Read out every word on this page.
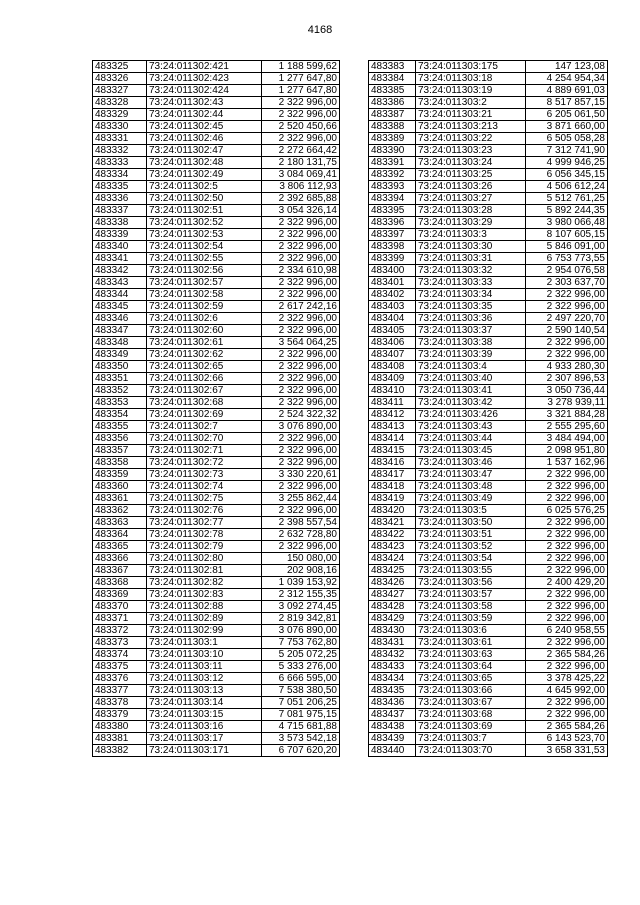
4168
483325	73:24:011302:421	1 188 599,62
483326	73:24:011302:423	1 277 647,80
483327	73:24:011302:424	1 277 647,80
483328	73:24:011302:43	2 322 996,00
483329	73:24:011302:44	2 322 996,00
483330	73:24:011302:45	2 520 450,66
483331	73:24:011302:46	2 322 996,00
483332	73:24:011302:47	2 272 664,42
483333	73:24:011302:48	2 180 131,75
483334	73:24:011302:49	3 084 069,41
483335	73:24:011302:5	3 806 112,93
483336	73:24:011302:50	2 392 685,88
483337	73:24:011302:51	3 054 326,14
483338	73:24:011302:52	2 322 996,00
483339	73:24:011302:53	2 322 996,00
483340	73:24:011302:54	2 322 996,00
483341	73:24:011302:55	2 322 996,00
483342	73:24:011302:56	2 334 610,98
483343	73:24:011302:57	2 322 996,00
483344	73:24:011302:58	2 322 996,00
483345	73:24:011302:59	2 617 242,16
483346	73:24:011302:6	2 322 996,00
483347	73:24:011302:60	2 322 996,00
483348	73:24:011302:61	3 564 064,25
483349	73:24:011302:62	2 322 996,00
483350	73:24:011302:65	2 322 996,00
483351	73:24:011302:66	2 322 996,00
483352	73:24:011302:67	2 322 996,00
483353	73:24:011302:68	2 322 996,00
483354	73:24:011302:69	2 524 322,32
483355	73:24:011302:7	3 076 890,00
483356	73:24:011302:70	2 322 996,00
483357	73:24:011302:71	2 322 996,00
483358	73:24:011302:72	2 322 996,00
483359	73:24:011302:73	3 330 220,61
483360	73:24:011302:74	2 322 996,00
483361	73:24:011302:75	3 255 862,44
483362	73:24:011302:76	2 322 996,00
483363	73:24:011302:77	2 398 557,54
483364	73:24:011302:78	2 632 728,80
483365	73:24:011302:79	2 322 996,00
483366	73:24:011302:80	150 080,00
483367	73:24:011302:81	202 908,16
483368	73:24:011302:82	1 039 153,92
483369	73:24:011302:83	2 312 155,35
483370	73:24:011302:88	3 092 274,45
483371	73:24:011302:89	2 819 342,81
483372	73:24:011302:99	3 076 890,00
483373	73:24:011303:1	7 753 762,80
483374	73:24:011303:10	5 205 072,25
483375	73:24:011303:11	5 333 276,00
483376	73:24:011303:12	6 666 595,00
483377	73:24:011303:13	7 538 380,50
483378	73:24:011303:14	7 051 206,25
483379	73:24:011303:15	7 081 975,15
483380	73:24:011303:16	4 715 681,88
483381	73:24:011303:17	3 573 542,18
483382	73:24:011303:171	6 707 620,20
483383	73:24:011303:175	147 123,08
483384	73:24:011303:18	4 254 954,34
483385	73:24:011303:19	4 889 691,03
483386	73:24:011303:2	8 517 857,15
483387	73:24:011303:21	6 205 061,50
483388	73:24:011303:213	3 871 660,00
483389	73:24:011303:22	6 505 058,28
483390	73:24:011303:23	7 312 741,90
483391	73:24:011303:24	4 999 946,25
483392	73:24:011303:25	6 056 345,15
483393	73:24:011303:26	4 506 612,24
483394	73:24:011303:27	5 512 761,25
483395	73:24:011303:28	5 892 244,35
483396	73:24:011303:29	3 980 066,48
483397	73:24:011303:3	8 107 605,15
483398	73:24:011303:30	5 846 091,00
483399	73:24:011303:31	6 753 773,55
483400	73:24:011303:32	2 954 076,58
483401	73:24:011303:33	2 303 637,70
483402	73:24:011303:34	2 322 996,00
483403	73:24:011303:35	2 322 996,00
483404	73:24:011303:36	2 497 220,70
483405	73:24:011303:37	2 590 140,54
483406	73:24:011303:38	2 322 996,00
483407	73:24:011303:39	2 322 996,00
483408	73:24:011303:4	4 933 280,30
483409	73:24:011303:40	2 307 896,53
483410	73:24:011303:41	3 050 736,44
483411	73:24:011303:42	3 278 939,11
483412	73:24:011303:426	3 321 884,28
483413	73:24:011303:43	2 555 295,60
483414	73:24:011303:44	3 484 494,00
483415	73:24:011303:45	2 098 951,80
483416	73:24:011303:46	1 537 162,96
483417	73:24:011303:47	2 322 996,00
483418	73:24:011303:48	2 322 996,00
483419	73:24:011303:49	2 322 996,00
483420	73:24:011303:5	6 025 576,25
483421	73:24:011303:50	2 322 996,00
483422	73:24:011303:51	2 322 996,00
483423	73:24:011303:52	2 322 996,00
483424	73:24:011303:54	2 322 996,00
483425	73:24:011303:55	2 322 996,00
483426	73:24:011303:56	2 400 429,20
483427	73:24:011303:57	2 322 996,00
483428	73:24:011303:58	2 322 996,00
483429	73:24:011303:59	2 322 996,00
483430	73:24:011303:6	6 240 958,55
483431	73:24:011303:61	2 322 996,00
483432	73:24:011303:63	2 365 584,26
483433	73:24:011303:64	2 322 996,00
483434	73:24:011303:65	3 378 425,22
483435	73:24:011303:66	4 645 992,00
483436	73:24:011303:67	2 322 996,00
483437	73:24:011303:68	2 322 996,00
483438	73:24:011303:69	2 365 584,26
483439	73:24:011303:7	6 143 523,70
483440	73:24:011303:70	3 658 331,53
